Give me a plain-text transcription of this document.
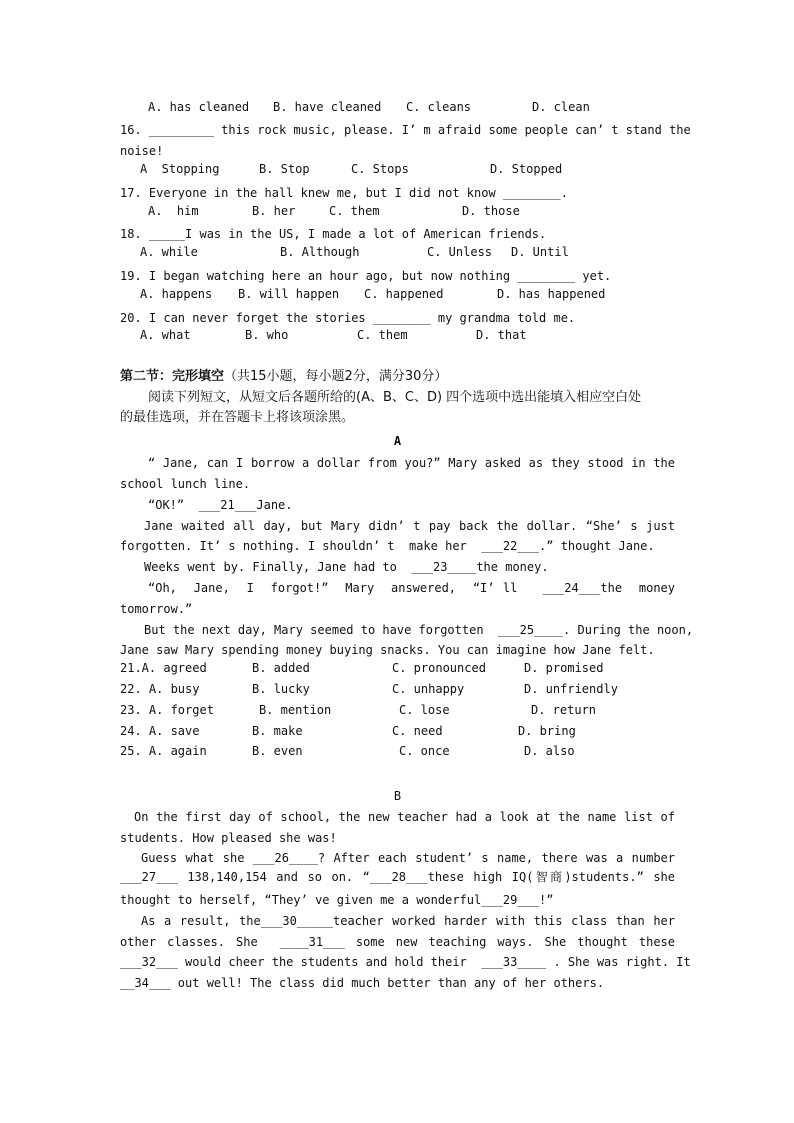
A. has cleaned B. have cleaned C. cleans	D. clean
16. _________ this rock music, please. I’ m afraid some people can’ t stand the
noise!
A  Stopping	B. Stop	C. Stops	D. Stopped
17. Everyone in the hall knew me, but I did not know ________.
A.  him	B. her	C. them	D. those
18. _____I was in the US, I made a lot of American friends.
A. while	B. Although	C. Unless D. Until
19. I began watching here an hour ago, but now nothing ________ yet.
A. happens B. will happen C. happened	D. has happened
20. I can never forget the stories ________ my grandma told me.
A. what	B. who	C. them	D. that
第二节：完形填空（共15小题，每小题2分，满分30分）
阅读下列短文，从短文后各题所给的(A、B、C、D) 四个选项中选出能填入相应空白处
的最佳选项，并在答题卡上将该项涂黑。
A
“ Jane, can I borrow a dollar from you?” Mary asked as they stood in the
school lunch line.
“OK!”  ___21___Jane.
Jane waited all day, but Mary didn’ t pay back the dollar. “She’ s just
forgotten. It’ s nothing. I shouldn’ t  make her  ___22___.” thought Jane.
Weeks went by. Finally, Jane had to  ___23____the money.
“Oh,  Jane,  I  forgot!”  Mary  answered,  “I’ ll   ___24___the  money
tomorrow.”
But the next day, Mary seemed to have forgotten  ___25____. During the noon,
Jane saw Mary spending money buying snacks. You can imagine how Jane felt.
21.A. agreed	B. added	C. pronounced	D. promised
22. A. busy	B. lucky	C. unhappy	D. unfriendly
23. A. forget	B. mention	C. lose	D. return
24. A. save	B. make	C. need	D. bring
25. A. again	B. even	C. once	D. also
B
On the first day of school, the new teacher had a look at the name list of
students. How pleased she was!
Guess what she ___26____? After each student’ s name, there was a number
___27___ 138,140,154 and so on. “___28___these high IQ(智商)students.” she
thought to herself, “They’ ve given me a wonderful___29___!”
As a result, the___30_____teacher worked harder with this class than her
other classes. She  ____31___ some new teaching ways. She thought these
___32___ would cheer the students and hold their  ___33____ . She was right. It
__34___ out well! The class did much better than any of her others.
